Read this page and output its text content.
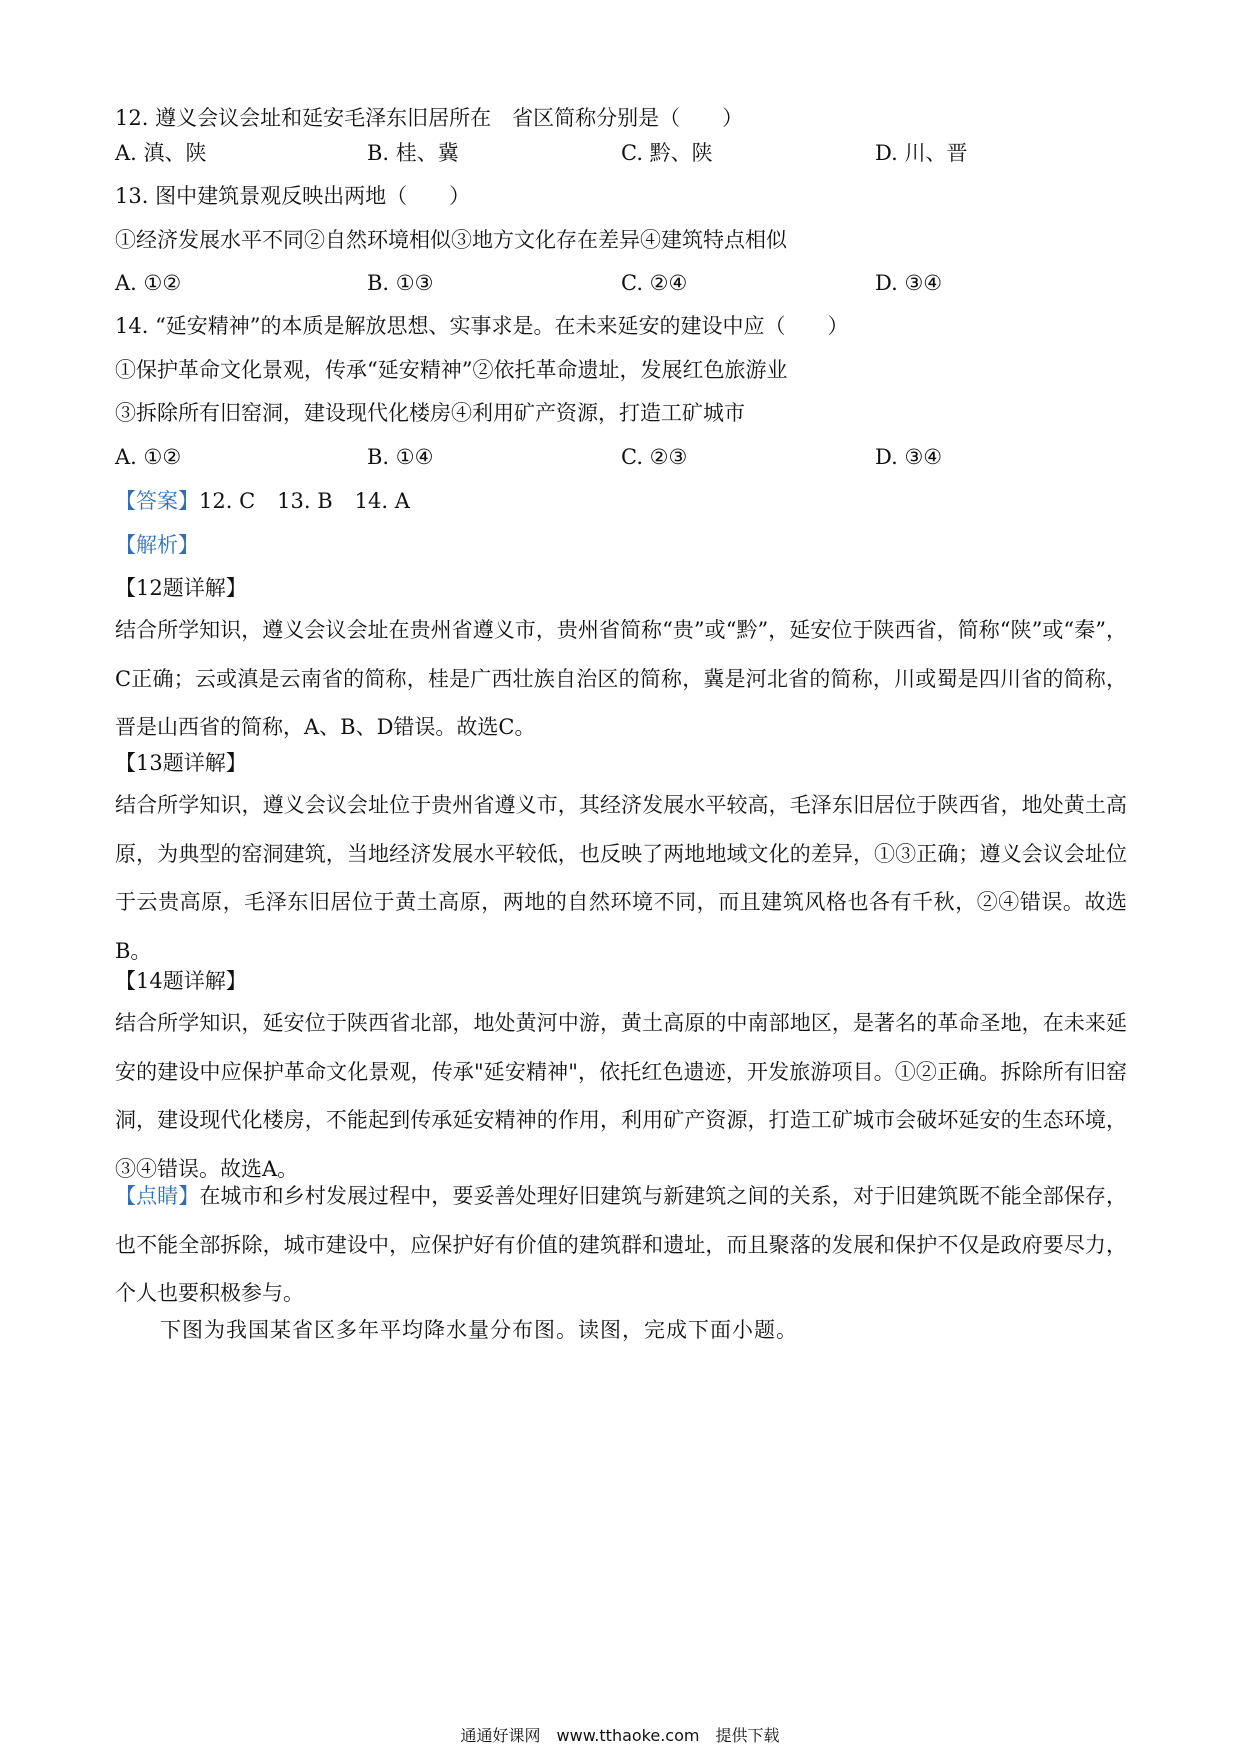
12. 遵义会议会址和延安毛泽东旧居所在　省区简称分别是（　　）
A. 滇、陕	B. 桂、冀	C. 黔、陕	D. 川、晋
13. 图中建筑景观反映出两地（　　）
①经济发展水平不同②自然环境相似③地方文化存在差异④建筑特点相似
A. ①②	B. ①③	C. ②④	D. ③④
14. “延安精神”的本质是解放思想、实事求是。在未来延安的建设中应（　　）
①保护革命文化景观，传承“延安精神”②依托革命遗址，发展红色旅游业
③拆除所有旧窑洞，建设现代化楼房④利用矿产资源，打造工矿城市
A. ①②	B. ①④	C. ②③	D. ③④
【答案】12. C 13. B 14. A
【解析】
【12题详解】
结合所学知识，遵义会议会址在贵州省遵义市，贵州省简称“贵”或“黔”，延安位于陕西省，简称“陕”或“秦”，C正确；云或滇是云南省的简称，桂是广西壮族自治区的简称，冀是河北省的简称，川或蜀是四川省的简称，晋是山西省的简称，A、B、D错误。故选C。
【13题详解】
结合所学知识，遵义会议会址位于贵州省遵义市，其经济发展水平较高，毛泽东旧居位于陕西省，地处黄土高原，为典型的窑洞建筑，当地经济发展水平较低，也反映了两地地域文化的差异，①③正确；遵义会议会址位于云贵高原，毛泽东旧居位于黄土高原，两地的自然环境不同，而且建筑风格也各有千秋，②④错误。故选B。
【14题详解】
结合所学知识，延安位于陕西省北部，地处黄河中游，黄土高原的中南部地区，是著名的革命圣地，在未来延安的建设中应保护革命文化景观，传承"延安精神"，依托红色遗迹，开发旅游项目。①②正确。拆除所有旧窑洞，建设现代化楼房，不能起到传承延安精神的作用，利用矿产资源，打造工矿城市会破坏延安的生态环境，③④错误。故选A。
【点睛】在城市和乡村发展过程中，要妥善处理好旧建筑与新建筑之间的关系，对于旧建筑既不能全部保存，也不能全部拆除，城市建设中，应保护好有价值的建筑群和遗址，而且聚落的发展和保护不仅是政府要尽力，个人也要积极参与。
下图为我国某省区多年平均降水量分布图。读图，完成下面小题。
通通好课网　www.tthaoke.com　提供下载
